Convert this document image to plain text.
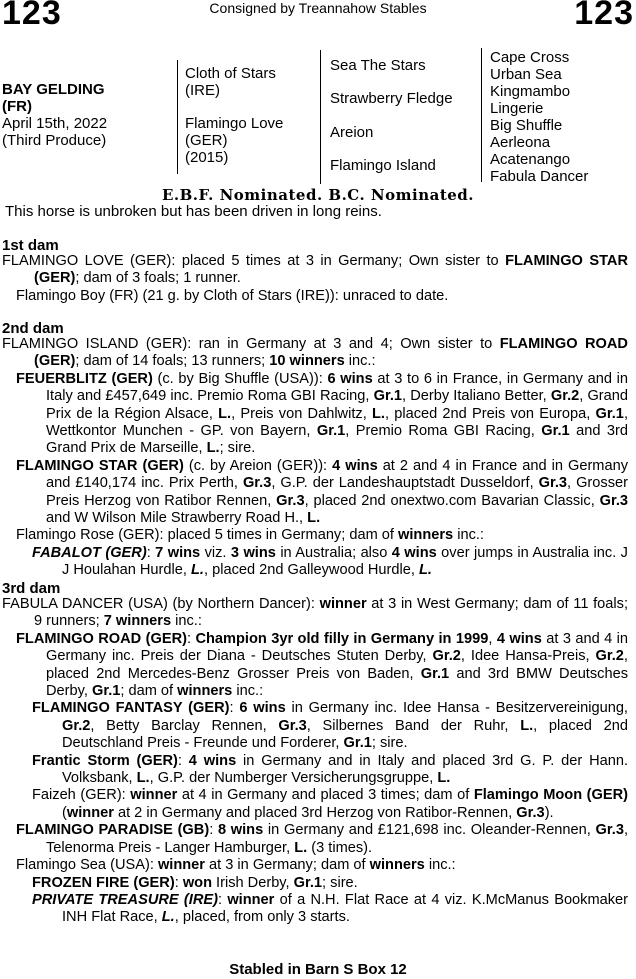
123	123
Consigned by Treannahow Stables
BAY GELDING
(FR)
April 15th, 2022
(Third Produce)
Cloth of Stars
(IRE)
Flamingo Love
(GER)
(2015)
Sea The Stars
Strawberry Fledge
Areion
Flamingo Island
Cape Cross
Urban Sea
Kingmambo
Lingerie
Big Shuffle
Aerleona
Acatenango
Fabula Dancer
E.B.F. Nominated. B.C. Nominated.
This horse is unbroken but has been driven in long reins.
1st dam

FLAMINGO LOVE (GER): placed 5 times at 3 in Germany; Own sister to FLAMINGO STAR (GER); dam of 3 foals; 1 runner.

Flamingo Boy (FR) (21 g. by Cloth of Stars (IRE)): unraced to date.

2nd dam

FLAMINGO ISLAND (GER): ran in Germany at 3 and 4; Own sister to FLAMINGO ROAD (GER); dam of 14 foals; 13 runners; 10 winners inc.:

FEUERBLITZ (GER) (c. by Big Shuffle (USA)): 6 wins at 3 to 6 in France, in Germany and in Italy and £457,649 inc. Premio Roma GBI Racing, Gr.1, Derby Italiano Better, Gr.2, Grand Prix de la Région Alsace, L., Preis von Dahlwitz, L., placed 2nd Preis von Europa, Gr.1, Wettkontor Munchen - GP. von Bayern, Gr.1, Premio Roma GBI Racing, Gr.1 and 3rd Grand Prix de Marseille, L.; sire.

FLAMINGO STAR (GER) (c. by Areion (GER)): 4 wins at 2 and 4 in France and in Germany and £140,174 inc. Prix Perth, Gr.3, G.P. der Landeshauptstadt Dusseldorf, Gr.3, Grosser Preis Herzog von Ratibor Rennen, Gr.3, placed 2nd onextwo.com Bavarian Classic, Gr.3 and W Wilson Mile Strawberry Road H., L.

Flamingo Rose (GER): placed 5 times in Germany; dam of winners inc.:

FABALOT (GER): 7 wins viz. 3 wins in Australia; also 4 wins over jumps in Australia inc. J J Houlahan Hurdle, L., placed 2nd Galleywood Hurdle, L.

3rd dam

FABULA DANCER (USA) (by Northern Dancer): winner at 3 in West Germany; dam of 11 foals; 9 runners; 7 winners inc.:

FLAMINGO ROAD (GER): Champion 3yr old filly in Germany in 1999, 4 wins at 3 and 4 in Germany inc. Preis der Diana - Deutsches Stuten Derby, Gr.2, Idee Hansa-Preis, Gr.2, placed 2nd Mercedes-Benz Grosser Preis von Baden, Gr.1 and 3rd BMW Deutsches Derby, Gr.1; dam of winners inc.:

FLAMINGO FANTASY (GER): 6 wins in Germany inc. Idee Hansa - Besitzervereinigung, Gr.2, Betty Barclay Rennen, Gr.3, Silbernes Band der Ruhr, L., placed 2nd Deutschland Preis - Freunde und Forderer, Gr.1; sire.

Frantic Storm (GER): 4 wins in Germany and in Italy and placed 3rd G. P. der Hann. Volksbank, L., G.P. der Numberger Versicherungsgruppe, L.

Faizeh (GER): winner at 4 in Germany and placed 3 times; dam of Flamingo Moon (GER) (winner at 2 in Germany and placed 3rd Herzog von Ratibor-Rennen, Gr.3).

FLAMINGO PARADISE (GB): 8 wins in Germany and £121,698 inc. Oleander-Rennen, Gr.3, Telenorma Preis - Langer Hamburger, L. (3 times).

Flamingo Sea (USA): winner at 3 in Germany; dam of winners inc.:

FROZEN FIRE (GER): won Irish Derby, Gr.1; sire.

PRIVATE TREASURE (IRE): winner of a N.H. Flat Race at 4 viz. K.McManus Bookmaker INH Flat Race, L., placed, from only 3 starts.

Stabled in Barn S Box 12
